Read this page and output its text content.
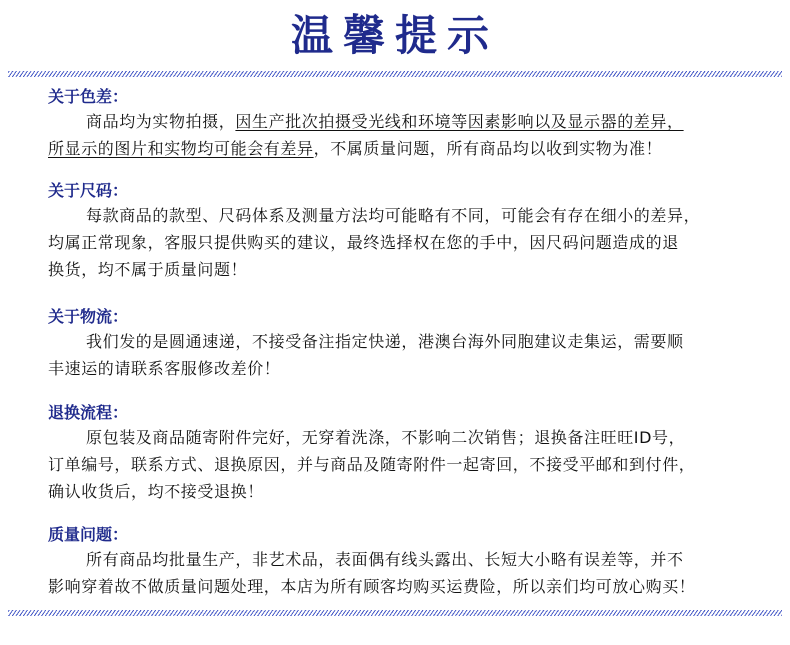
温馨提示
关于色差：
商品均为实物拍摄，因生产批次拍摄受光线和环境等因素影响以及显示器的差异，
所显示的图片和实物均可能会有差异，不属质量问题，所有商品均以收到实物为准！
关于尺码：
每款商品的款型、尺码体系及测量方法均可能略有不同，可能会有存在细小的差异，
均属正常现象，客服只提供购买的建议，最终选择权在您的手中，因尺码问题造成的退
换货，均不属于质量问题！
关于物流：
我们发的是圆通速递，不接受备注指定快递，港澳台海外同胞建议走集运，需要顺
丰速运的请联系客服修改差价！
退换流程：
原包装及商品随寄附件完好，无穿着洗涤，不影响二次销售；退换备注旺旺ID号，
订单编号，联系方式、退换原因，并与商品及随寄附件一起寄回，不接受平邮和到付件，
确认收货后，均不接受退换！
质量问题：
所有商品均批量生产，非艺术品，表面偶有线头露出、长短大小略有误差等，并不
影响穿着故不做质量问题处理，本店为所有顾客均购买运费险，所以亲们均可放心购买！
